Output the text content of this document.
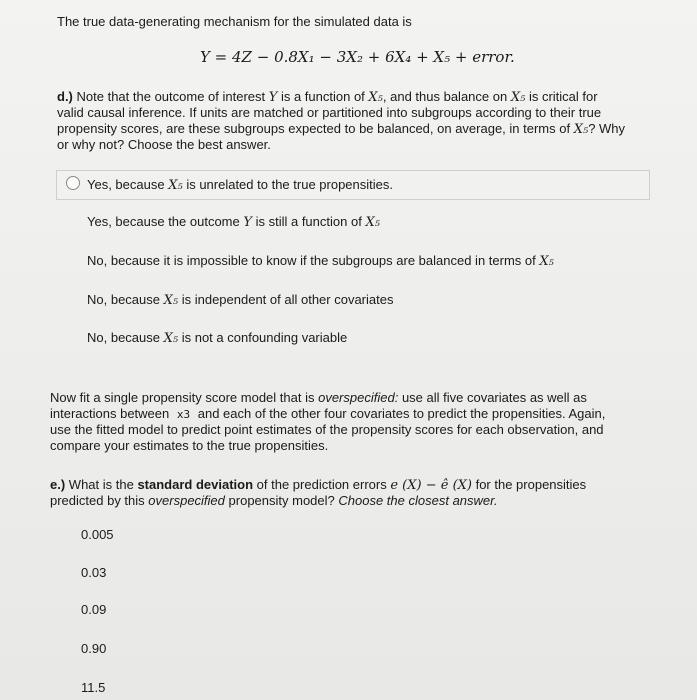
The true data-generating mechanism for the simulated data is
Y = 4Z − 0.8X₁ − 3X₂ + 6X₄ + X₅ + error.
d.) Note that the outcome of interest Y is a function of X₅, and thus balance on X₅ is critical for
valid causal inference. If units are matched or partitioned into subgroups according to their true
propensity scores, are these subgroups expected to be balanced, on average, in terms of X₅? Why
or why not? Choose the best answer.
Yes, because X₅ is unrelated to the true propensities.
Yes, because the outcome Y is still a function of X₅
No, because it is impossible to know if the subgroups are balanced in terms of X₅
No, because X₅ is independent of all other covariates
No, because X₅ is not a confounding variable
Now fit a single propensity score model that is overspecified: use all five covariates as well as
interactions between x3 and each of the other four covariates to predict the propensities. Again,
use the fitted model to predict point estimates of the propensity scores for each observation, and
compare your estimates to the true propensities.
e.) What is the standard deviation of the prediction errors e (X) − ê (X) for the propensities
predicted by this overspecified propensity model? Choose the closest answer.
0.005
0.03
0.09
0.90
11.5
